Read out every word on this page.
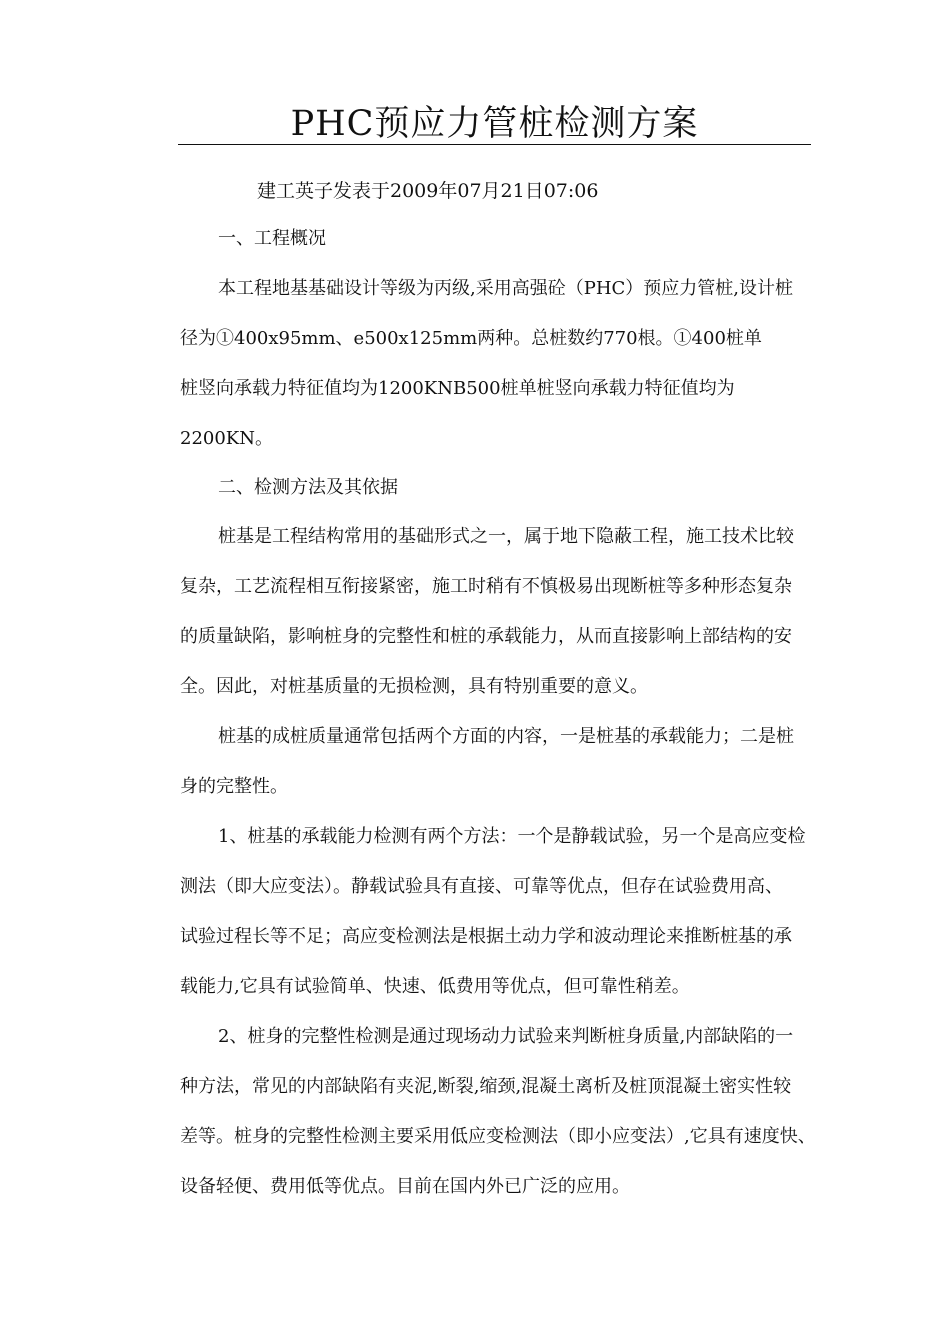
PHC预应力管桩检测方案
建工英子发表于2009年07月21日07:06
一、工程概况
本工程地基基础设计等级为丙级,采用高强砼（PHC）预应力管桩,设计桩
径为①400x95mm、e500x125mm两种。总桩数约770根。①400桩单
桩竖向承载力特征值均为1200KNB500桩单桩竖向承载力特征值均为
2200KN。
二、检测方法及其依据
桩基是工程结构常用的基础形式之一，属于地下隐蔽工程，施工技术比较
复杂，工艺流程相互衔接紧密，施工时稍有不慎极易出现断桩等多种形态复杂
的质量缺陷，影响桩身的完整性和桩的承载能力，从而直接影响上部结构的安
全。因此，对桩基质量的无损检测，具有特别重要的意义。
桩基的成桩质量通常包括两个方面的内容，一是桩基的承载能力；二是桩
身的完整性。
1、桩基的承载能力检测有两个方法：一个是静载试验，另一个是高应变检
测法（即大应变法）。静载试验具有直接、可靠等优点，但存在试验费用高、
试验过程长等不足；高应变检测法是根据土动力学和波动理论来推断桩基的承
载能力,它具有试验简单、快速、低费用等优点，但可靠性稍差。
2、桩身的完整性检测是通过现场动力试验来判断桩身质量,内部缺陷的一
种方法，常见的内部缺陷有夹泥,断裂,缩颈,混凝土离析及桩顶混凝土密实性较
差等。桩身的完整性检测主要采用低应变检测法（即小应变法）,它具有速度快、
设备轻便、费用低等优点。目前在国内外已广泛的应用。
